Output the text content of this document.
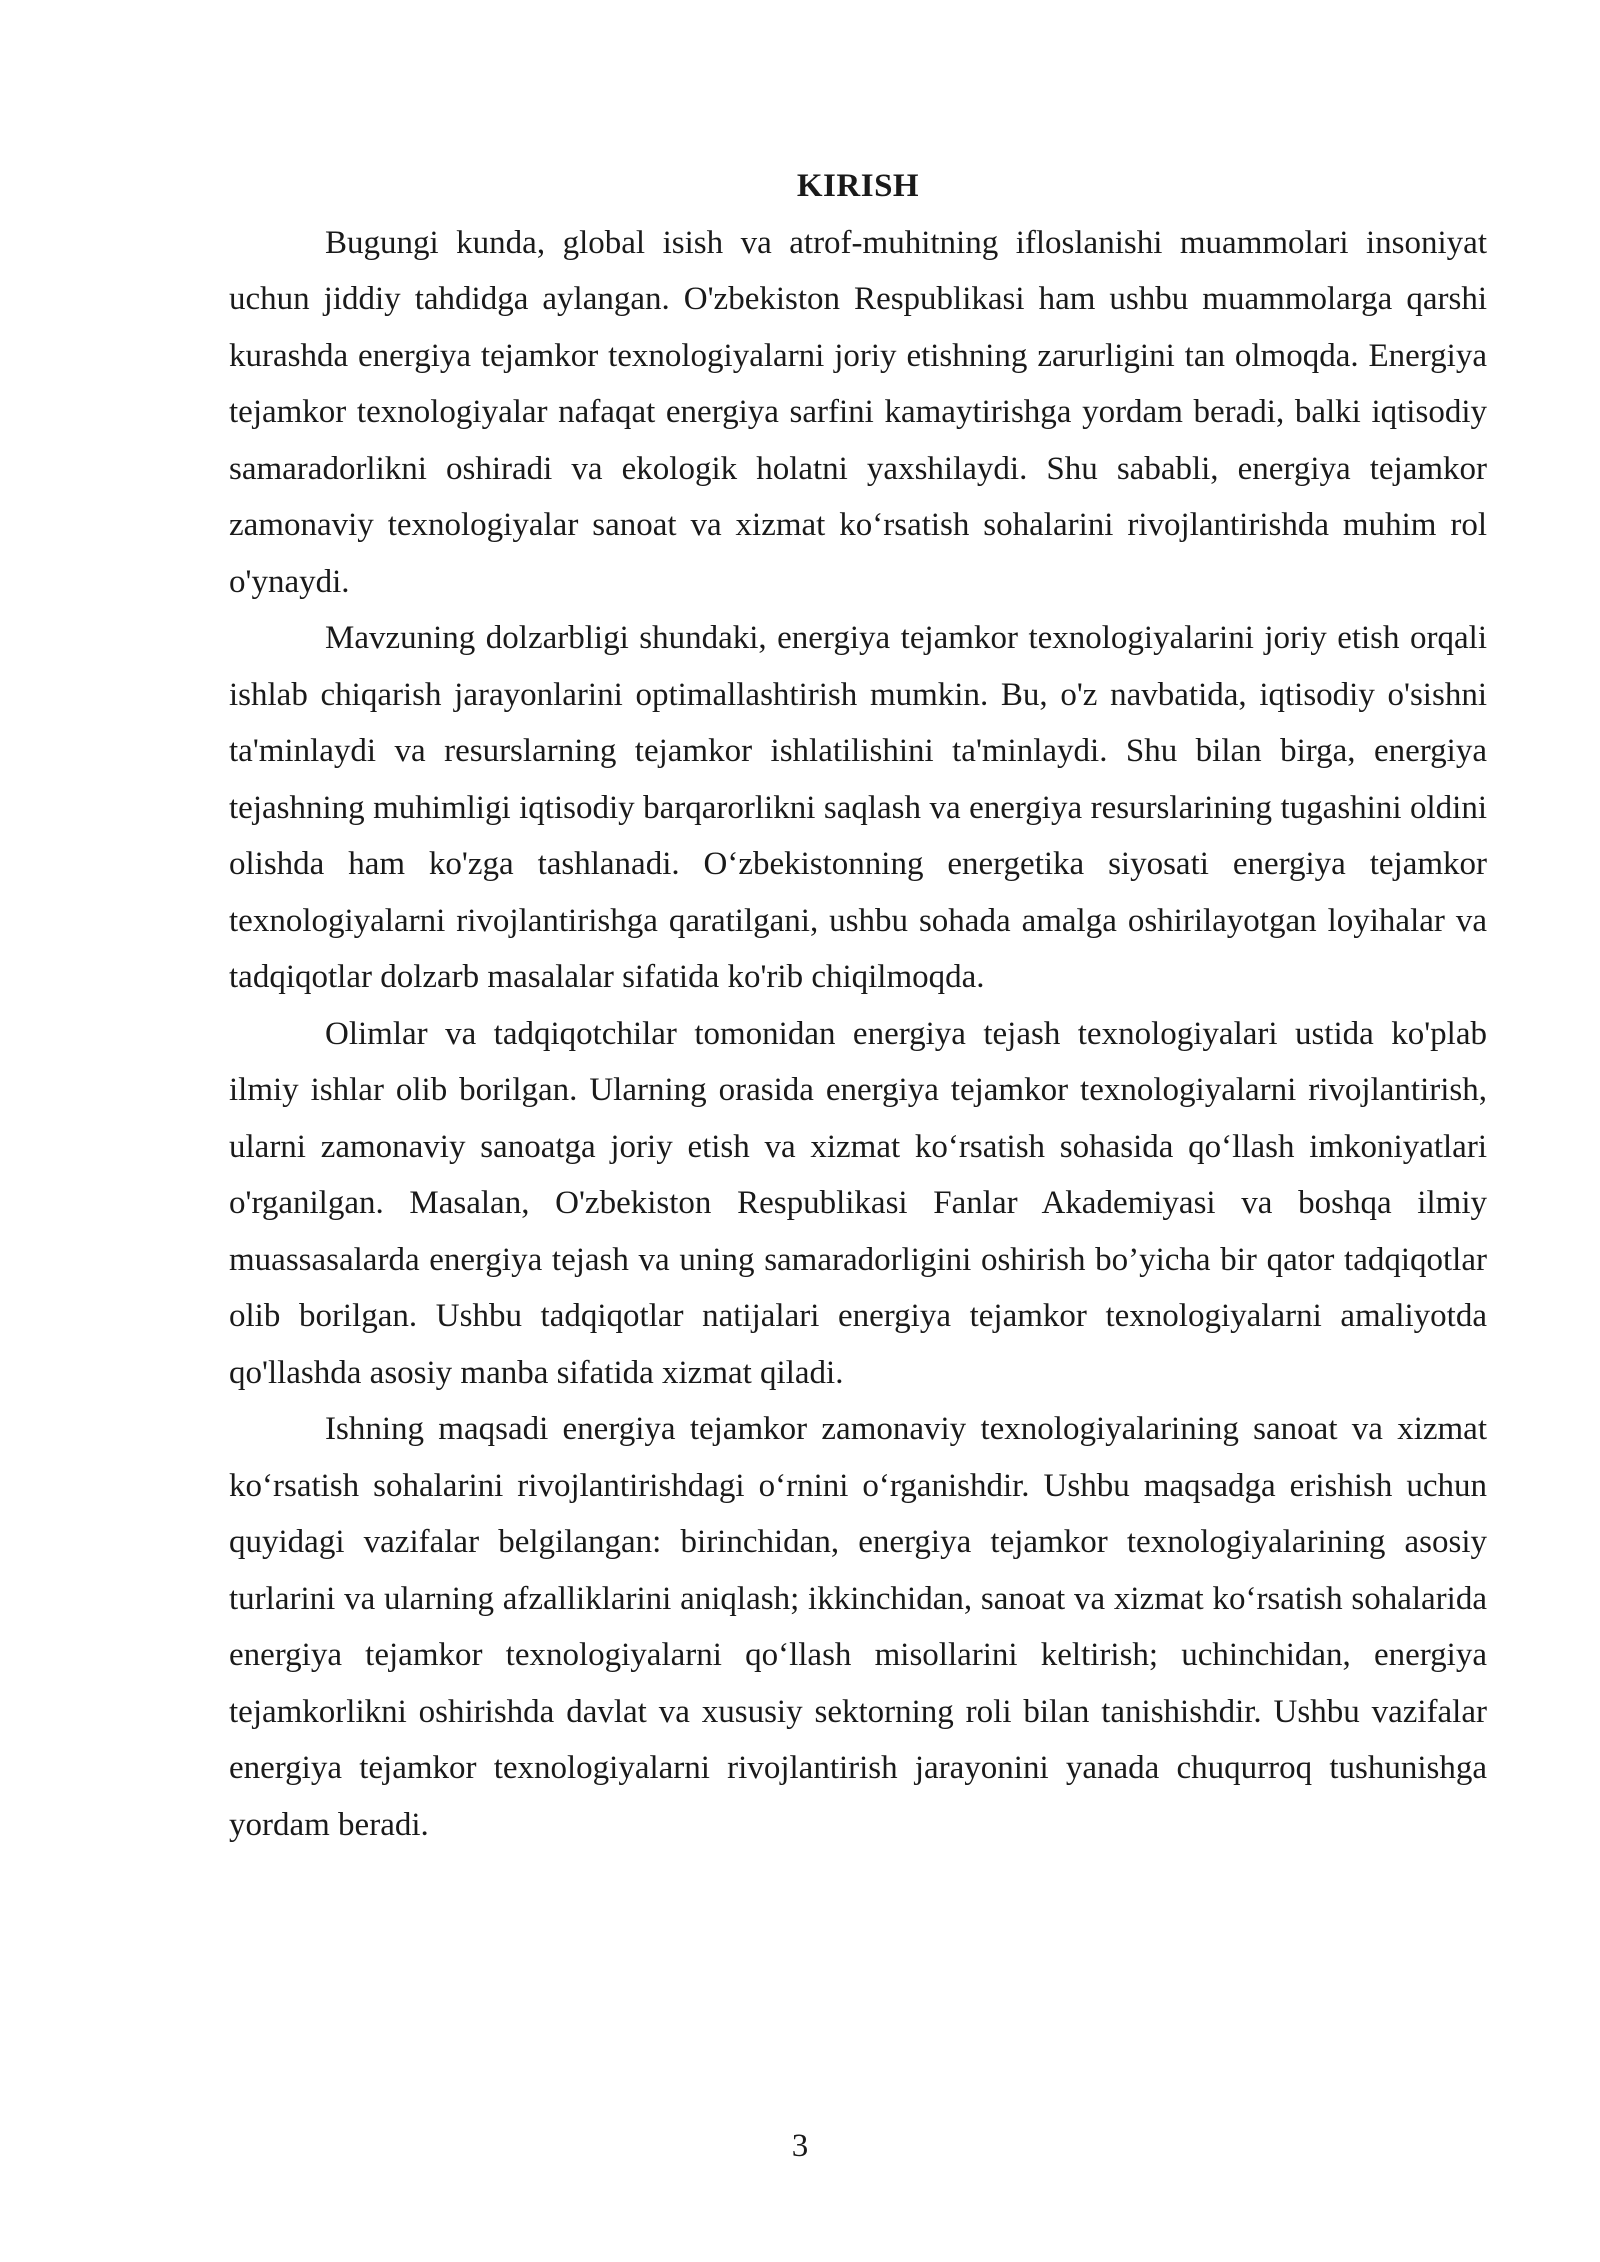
KIRISH

Bugungi kunda, global isish va atrof-muhitning ifloslanishi muammolari insoniyat uchun jiddiy tahdidga aylangan. O'zbekiston Respublikasi ham ushbu muammolarga qarshi kurashda energiya tejamkor texnologiyalarni joriy etishning zarurligini tan olmoqda. Energiya tejamkor texnologiyalar nafaqat energiya sarfini kamaytirishga yordam beradi, balki iqtisodiy samaradorlikni oshiradi va ekologik holatni yaxshilaydi. Shu sababli, energiya tejamkor zamonaviy texnologiyalar sanoat va xizmat ko‘rsatish sohalarini rivojlantirishda muhim rol o'ynaydi.

Mavzuning dolzarbligi shundaki, energiya tejamkor texnologiyalarini joriy etish orqali ishlab chiqarish jarayonlarini optimallashtirish mumkin. Bu, o'z navbatida, iqtisodiy o'sishni ta'minlaydi va resurslarning tejamkor ishlatilishini ta'minlaydi. Shu bilan birga, energiya tejashning muhimligi iqtisodiy barqarorlikni saqlash va energiya resurslarining tugashini oldini olishda ham ko'zga tashlanadi. O‘zbekistonning energetika siyosati energiya tejamkor texnologiyalarni rivojlantirishga qaratilgani, ushbu sohada amalga oshirilayotgan loyihalar va tadqiqotlar dolzarb masalalar sifatida ko'rib chiqilmoqda.

Olimlar va tadqiqotchilar tomonidan energiya tejash texnologiyalari ustida ko'plab ilmiy ishlar olib borilgan. Ularning orasida energiya tejamkor texnologiyalarni rivojlantirish, ularni zamonaviy sanoatga joriy etish va xizmat ko‘rsatish sohasida qo‘llash imkoniyatlari o'rganilgan. Masalan, O'zbekiston Respublikasi Fanlar Akademiyasi va boshqa ilmiy muassasalarda energiya tejash va uning samaradorligini oshirish bo’yicha bir qator tadqiqotlar olib borilgan. Ushbu tadqiqotlar natijalari energiya tejamkor texnologiyalarni amaliyotda qo'llashda asosiy manba sifatida xizmat qiladi.

Ishning maqsadi energiya tejamkor zamonaviy texnologiyalarining sanoat va xizmat ko‘rsatish sohalarini rivojlantirishdagi o‘rnini o‘rganishdir. Ushbu maqsadga erishish uchun quyidagi vazifalar belgilangan: birinchidan, energiya tejamkor texnologiyalarining asosiy turlarini va ularning afzalliklarini aniqlash; ikkinchidan, sanoat va xizmat ko‘rsatish sohalarida energiya tejamkor texnologiyalarni qo‘llash misollarini keltirish; uchinchidan, energiya tejamkorlikni oshirishda davlat va xususiy sektorning roli bilan tanishishdir. Ushbu vazifalar energiya tejamkor texnologiyalarni rivojlantirish jarayonini yanada chuqurroq tushunishga yordam beradi.

3
